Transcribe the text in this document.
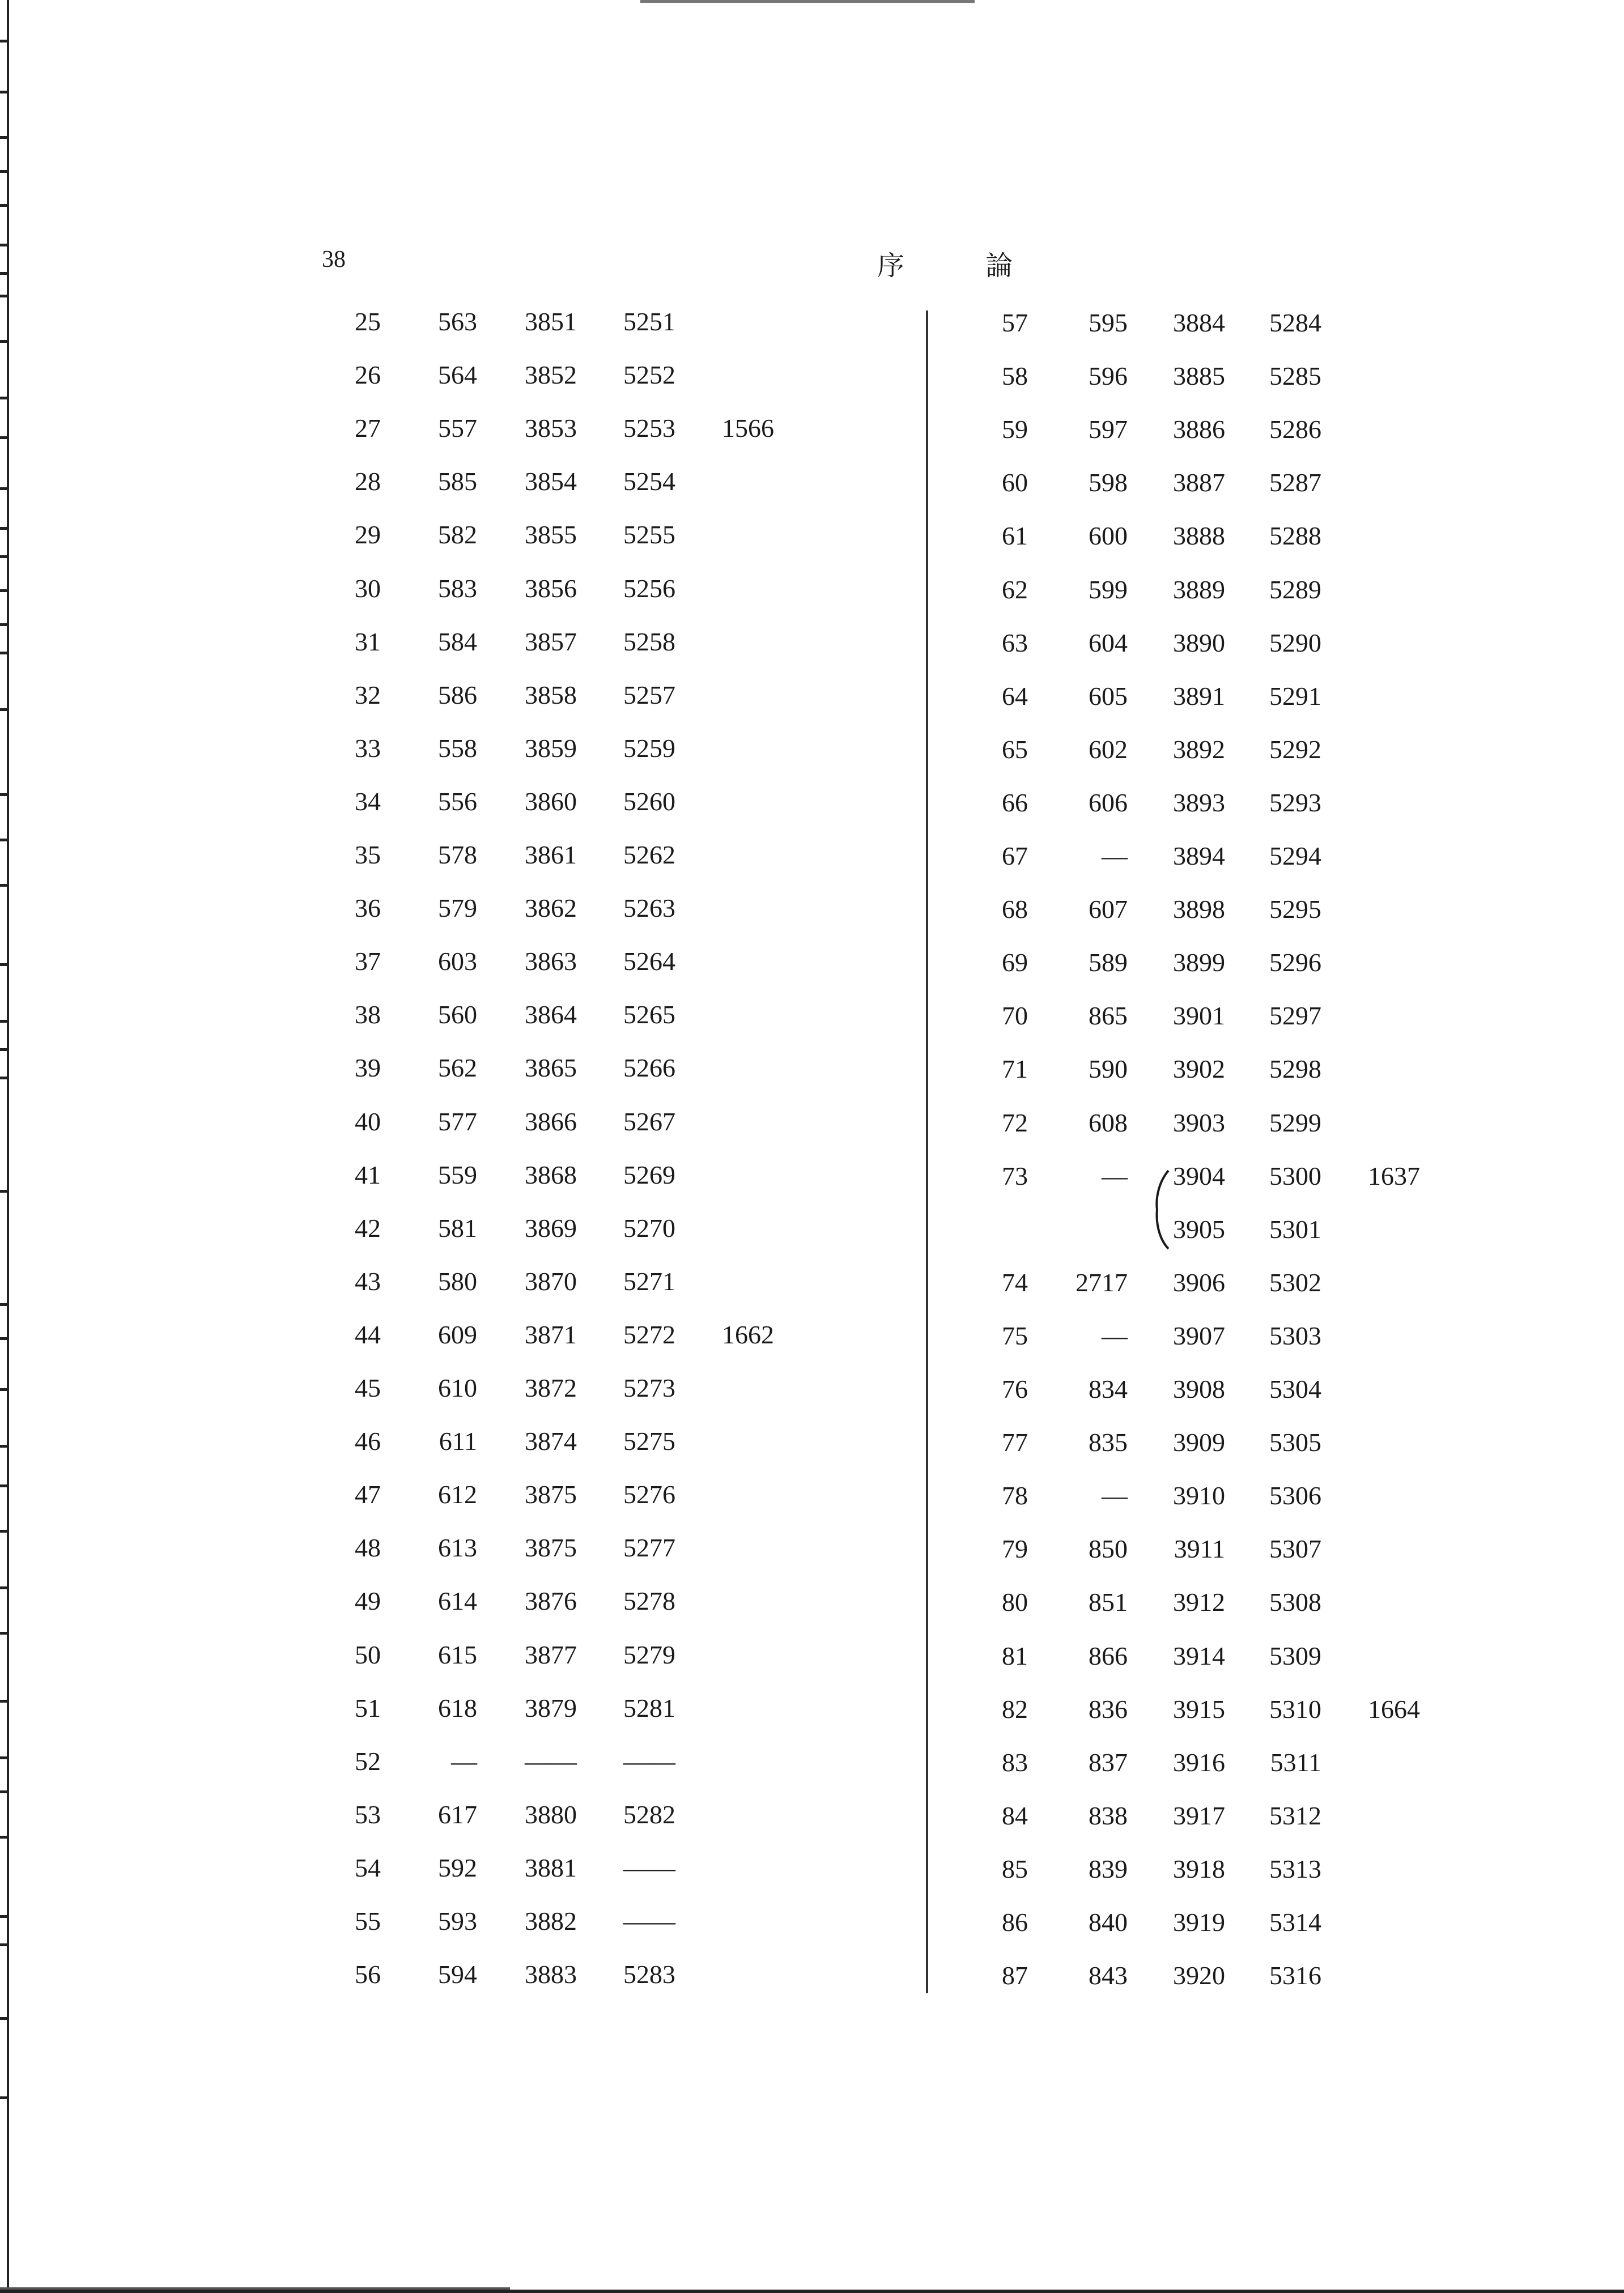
38	序 論
25 563 3851 5251
26 564 3852 5252
27 557 3853 5253 1566
28 585 3854 5254
29 582 3855 5255
30 583 3856 5256
31 584 3857 5258
32 586 3858 5257
33 558 3859 5259
34 556 3860 5260
35 578 3861 5262
36 579 3862 5263
37 603 3863 5264
38 560 3864 5265
39 562 3865 5266
40 577 3866 5267
41 559 3868 5269
42 581 3869 5270
43 580 3870 5271
44 609 3871 5272 1662
45 610 3872 5273
46 611 3874 5275
47 612 3875 5276
48 613 3875 5277
49 614 3876 5278
50 615 3877 5279
51 618 3879 5281
52	— —— ——
53 617 3880 5282
54 592 3881 ——
55 593 3882 ——
56 594 3883 5283
57 595 3884 5284
58 596 3885 5285
59 597 3886 5286
60 598 3887 5287
61 600 3888 5288
62 599 3889 5289
63 604 3890 5290
64 605 3891 5291
65 602 3892 5292
66 606 3893 5293
67	— 3894 5294
68 607 3898 5295
69 589 3899 5296
70 865 3901 5297
71 590 3902 5298
72 608 3903 5299
73	— 3904 5300 1637
3905 5301
74 2717 3906 5302
75	— 3907 5303
76 834 3908 5304
77 835 3909 5305
78	— 3910 5306
79 850 3911 5307
80 851 3912 5308
81 866 3914 5309
82 836 3915 5310 1664
83 837 3916 5311
84 838 3917 5312
85 839 3918 5313
86 840 3919 5314
87 843 3920 5316
